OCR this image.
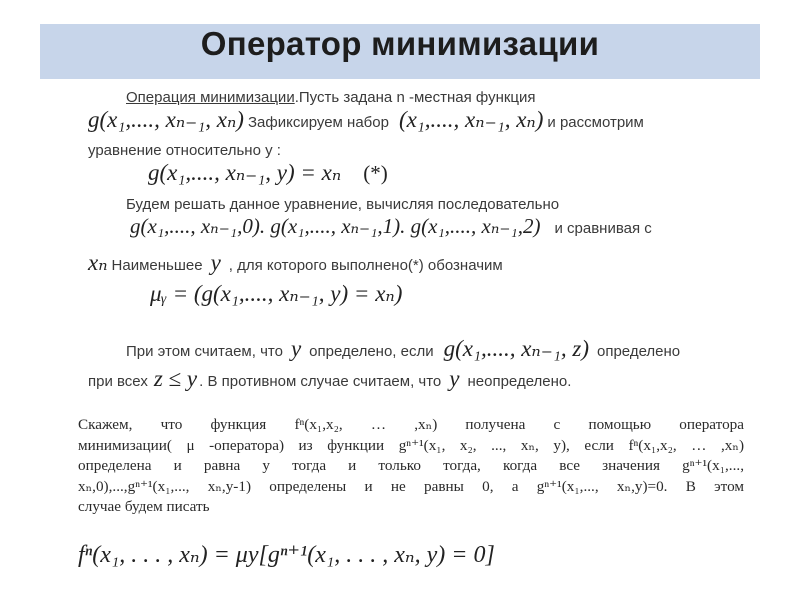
Оператор минимизации
Операция минимизации.Пусть задана n -местная функция
g(x₁,...., xₙ₋₁, xₙ) Зафиксируем набор (x₁,...., xₙ₋₁, xₙ) и рассмотрим
уравнение относительно y :
g(x₁,...., xₙ₋₁, y) = xₙ (*)
Будем решать данное уравнение, вычисляя последовательно
g(x₁,...., xₙ₋₁,0). g(x₁,...., xₙ₋₁,1). g(x₁,...., xₙ₋₁,2) и сравнивая с
xₙ Наименьшее y , для которого выполнено(*) обозначим
μᵧ = (g(x₁,...., xₙ₋₁, y) = xₙ)
При этом считаем, что y определено, если g(x₁,...., xₙ₋₁, z) определено
при всех z ≤ y . В противном случае считаем, что y неопределено.
Скажем, что функция fⁿ(x₁,x₂, … ,xₙ) получена с помощью оператора
минимизации( μ -оператора) из функции gⁿ⁺¹(x₁, x₂, ..., xₙ, y), если fⁿ(x₁,x₂, … ,xₙ)
определена и равна y тогда и только тогда, когда все значения gⁿ⁺¹(x₁,...,
xₙ,0),...,gⁿ⁺¹(x₁,..., xₙ,y-1) определены и не равны 0, а gⁿ⁺¹(x₁,..., xₙ,y)=0. В этом
случае будем писать
fⁿ(x₁, . . . , xₙ) = μy[gⁿ⁺¹(x₁, . . . , xₙ, y) = 0]
